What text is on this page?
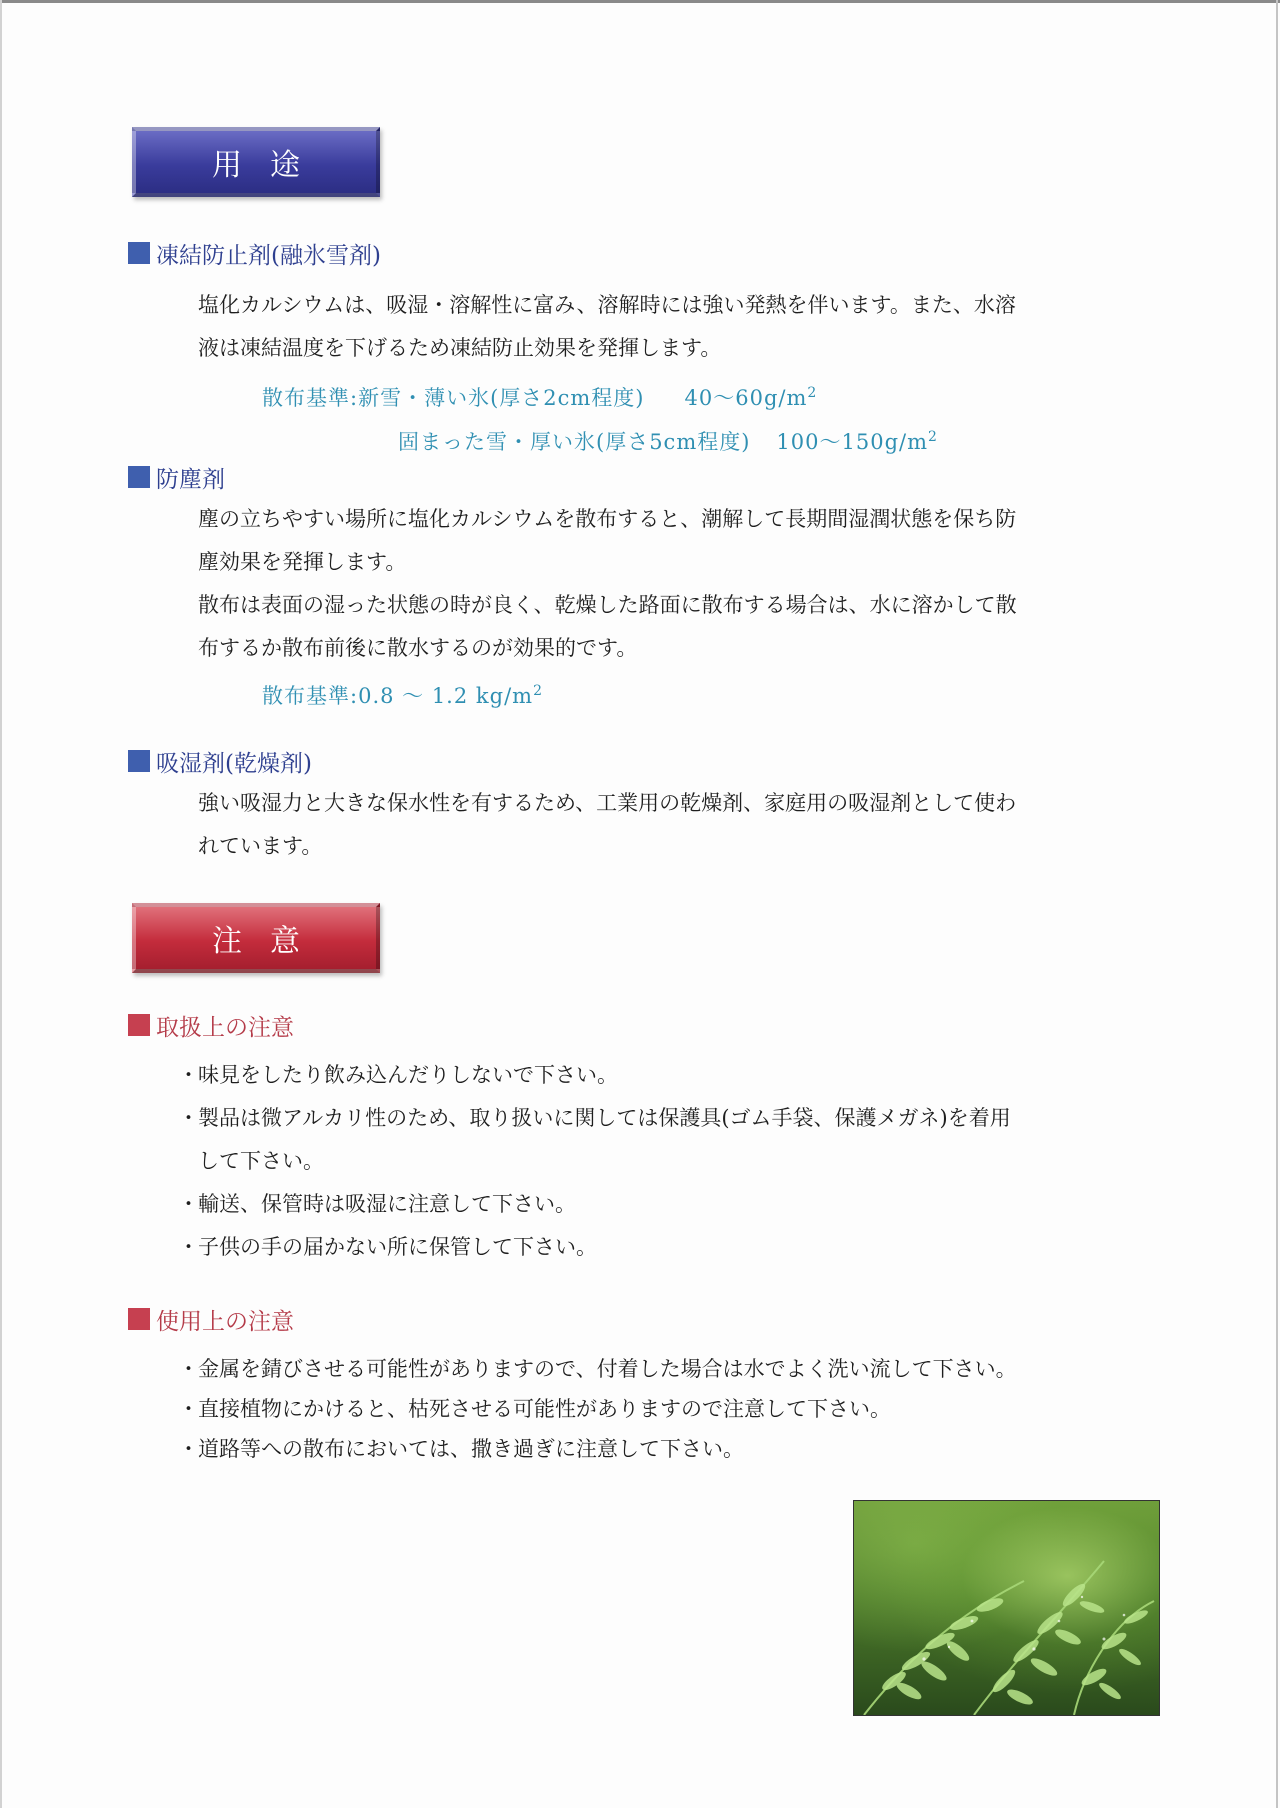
用途
凍結防止剤(融氷雪剤)
塩化カルシウムは、吸湿・溶解性に富み、溶解時には強い発熱を伴います。また、水溶
液は凍結温度を下げるため凍結防止効果を発揮します。
散布基準:新雪・薄い氷(厚さ2cm程度) $40\sim 60g/m^2$
固まった雪・厚い氷(厚さ5cm程度) $100\sim 150g/m^2$
防塵剤
塵の立ちやすい場所に塩化カルシウムを散布すると、潮解して長期間湿潤状態を保ち防
塵効果を発揮します。
散布は表面の湿った状態の時が良く、乾燥した路面に散布する場合は、水に溶かして散
布するか散布前後に散水するのが効果的です。
散布基準:0.8 ～ 1.2 $kg/m^2$
吸湿剤(乾燥剤)
強い吸湿力と大きな保水性を有するため、工業用の乾燥剤、家庭用の吸湿剤として使わ
れています。
注意
取扱上の注意
・味見をしたり飲み込んだりしないで下さい。
・製品は微アルカリ性のため、取り扱いに関しては保護具(ゴム手袋、保護メガネ)を着用
して下さい。
・輸送、保管時は吸湿に注意して下さい。
・子供の手の届かない所に保管して下さい。
使用上の注意
・金属を錆びさせる可能性がありますので、付着した場合は水でよく洗い流して下さい。
・直接植物にかけると、枯死させる可能性がありますので注意して下さい。
・道路等への散布においては、撒き過ぎに注意して下さい。
